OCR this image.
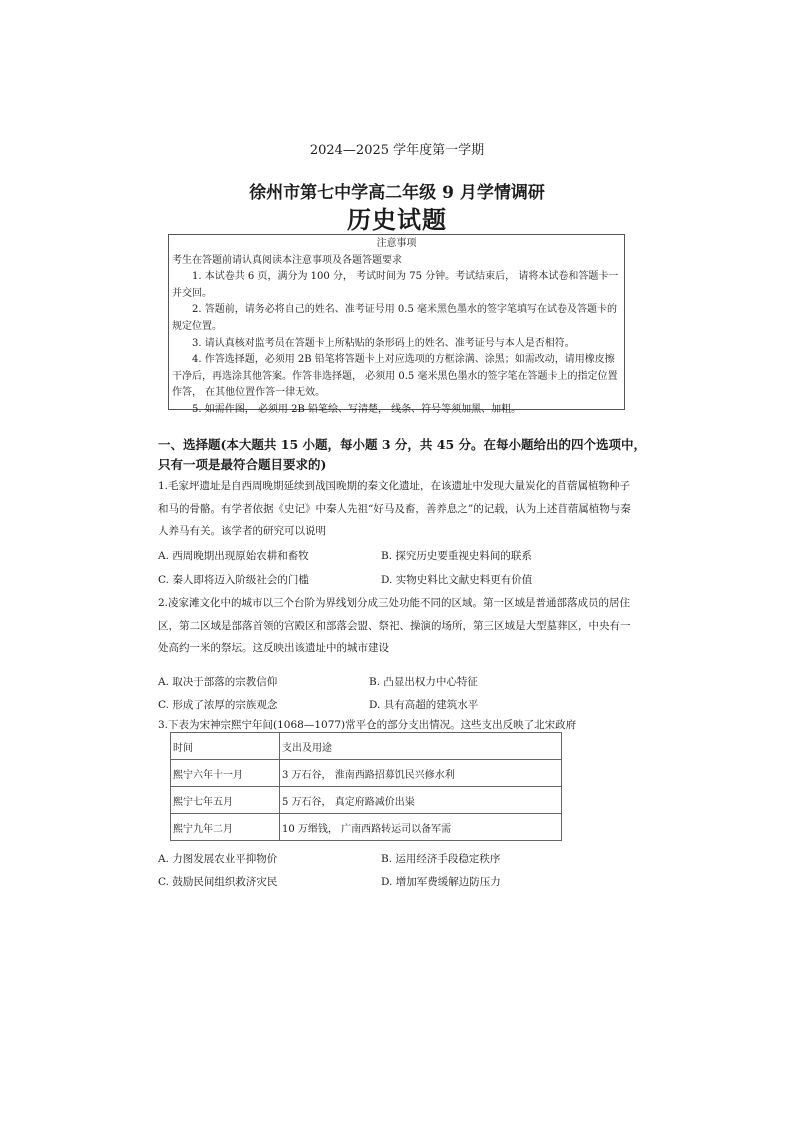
2024—2025 学年度第一学期
徐州市第七中学高二年级 9 月学情调研
历史试题
注意事项

考生在答题前请认真阅读本注意事项及各题答题要求

1. 本试卷共 6 页，满分为 100 分， 考试时间为 75 分钟。考试结束后， 请将本试卷和答题卡一并交回。

2. 答题前，请务必将自己的姓名、准考证号用 0.5 毫米黑色墨水的签字笔填写在试卷及答题卡的规定位置。

3. 请认真核对监考员在答题卡上所粘贴的条形码上的姓名、准考证号与本人是否相符。

4. 作答选择题，必须用 2B 铅笔将答题卡上对应选项的方框涂满、涂黑；如需改动，请用橡皮擦干净后，再选涂其他答案。作答非选择题， 必须用 0.5 毫米黑色墨水的签字笔在答题卡上的指定位置作答， 在其他位置作答一律无效。

5. 如需作图， 必须用 2B 铅笔绘、写清楚， 线条、符号等须加黑、加粗。

一、选择题(本大题共 15 小题，每小题 3 分，共 45 分。在每小题给出的四个选项中，只有一项是最符合题目要求的)
1.毛家坪遗址是自西周晚期延续到战国晚期的秦文化遗址，在该遗址中发现大量炭化的苜蓿属植物种子和马的骨骼。有学者依据《史记》中秦人先祖“好马及畜，善养息之”的记载，认为上述苜蓿属植物与秦人养马有关。该学者的研究可以说明
A. 西周晚期出现原始农耕和畜牧	B. 探究历史要重视史料间的联系
C. 秦人即将迈入阶级社会的门槛	D. 实物史料比文献史料更有价值
2.凌家滩文化中的城市以三个台阶为界线划分成三处功能不同的区域。第一区域是普通部落成员的居住区，第二区域是部落首领的宫殿区和部落会盟、祭祀、操演的场所，第三区域是大型墓葬区，中央有一处高约一米的祭坛。这反映出该遗址中的城市建设
A. 取决于部落的宗教信仰	B. 凸显出权力中心特征
C. 形成了浓厚的宗族观念	D. 具有高超的建筑水平
3.下表为宋神宗熙宁年间(1068—1077)常平仓的部分支出情况。这些支出反映了北宋政府
时间	支出及用途
熙宁六年十一月	3 万石谷， 淮南西路招募饥民兴修水利
熙宁七年五月	5 万石谷， 真定府路减价出粜
熙宁九年二月	10 万缗钱， 广南西路转运司以备军需
A. 力图发展农业平抑物价	B. 运用经济手段稳定秩序
C. 鼓励民间组织救济灾民	D. 增加军费缓解边防压力
